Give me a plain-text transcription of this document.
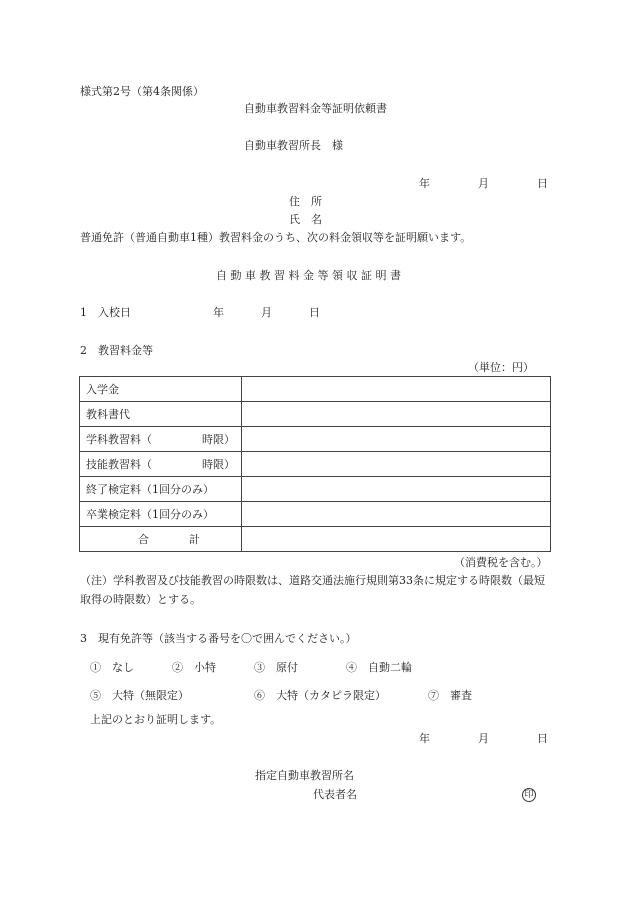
様式第2号（第4条関係）
自動車教習料金等証明依頼書
自動車教習所長　様
年	月	日
住　所
氏　名
普通免許（普通自動車1種）教習料金のうち、次の料金領収等を証明願います。
自 動 車 教 習 料 金 等 領 収 証 明 書
1　入校日	年	月	日
2　教習料金等
（単位：円）
入学金	
教科書代	

学科教習料（ 時限）	

技能教習料（ 時限）	

終了検定料（1回分のみ）	
卒業検定料（1回分のみ）	

合 計	

（消費税を含む。）
（注）学科教習及び技能教習の時限数は、道路交通法施行規則第33条に規定する時限数（最短
取得の時限数）とする。
3　現有免許等（該当する番号を〇で囲んでください。）
①　なし	②　小特	③　原付	④　自動二輪
⑤　大特（無限定）	⑥　大特（カタピラ限定）	⑦　審査
上記のとおり証明します。
年	月	日
指定自動車教習所名
代表者名	印
